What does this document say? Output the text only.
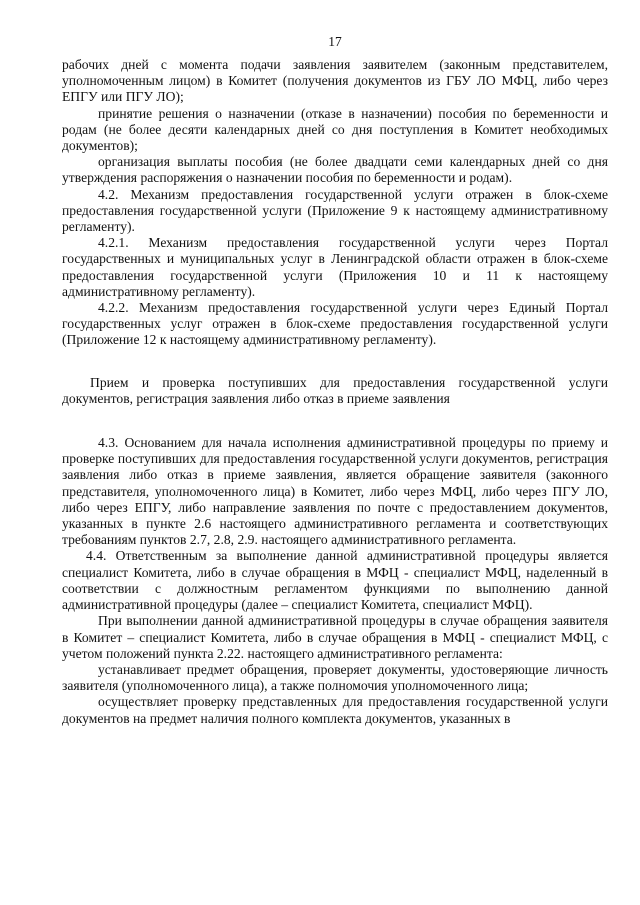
17

рабочих дней с момента подачи заявления заявителем (законным представителем, уполномоченным лицом) в Комитет (получения документов из ГБУ ЛО МФЦ, либо через ЕПГУ или ПГУ ЛО);

принятие решения о назначении (отказе в назначении) пособия по беременности и родам (не более десяти календарных дней со дня поступления в Комитет необходимых документов);

организация выплаты пособия (не более двадцати семи календарных дней со дня утверждения распоряжения о назначении пособия по беременности и родам).

4.2. Механизм предоставления государственной услуги отражен в блок-схеме предоставления государственной услуги (Приложение 9 к настоящему административному регламенту).

4.2.1. Механизм предоставления государственной услуги через Портал государственных и муниципальных услуг в Ленинградской области отражен в блок-схеме предоставления государственной услуги (Приложения 10 и 11 к настоящему административному регламенту).

4.2.2. Механизм предоставления государственной услуги через Единый Портал государственных услуг отражен в блок-схеме предоставления государственной услуги (Приложение 12 к настоящему административному регламенту).

Прием и проверка поступивших для предоставления государственной услуги документов, регистрация заявления либо отказ в приеме заявления

4.3. Основанием для начала исполнения административной процедуры по приему и проверке поступивших для предоставления государственной услуги документов, регистрация заявления либо отказ в приеме заявления, является обращение заявителя (законного представителя, уполномоченного лица) в Комитет, либо через МФЦ, либо через ПГУ ЛО, либо через ЕПГУ, либо направление заявления по почте с предоставлением документов, указанных в пункте 2.6 настоящего административного регламента и соответствующих требованиям пунктов 2.7, 2.8, 2.9. настоящего административного регламента.

4.4. Ответственным за выполнение данной административной процедуры является специалист Комитета, либо в случае обращения в МФЦ - специалист МФЦ, наделенный в соответствии с должностным регламентом функциями по выполнению данной административной процедуры (далее – специалист Комитета, специалист МФЦ).

При выполнении данной административной процедуры в случае обращения заявителя в Комитет – специалист Комитета, либо в случае обращения в МФЦ - специалист МФЦ, с учетом положений пункта 2.22. настоящего административного регламента:

устанавливает предмет обращения, проверяет документы, удостоверяющие личность заявителя (уполномоченного лица), а также полномочия уполномоченного лица;

осуществляет проверку представленных для предоставления государственной услуги документов на предмет наличия полного комплекта документов, указанных в
